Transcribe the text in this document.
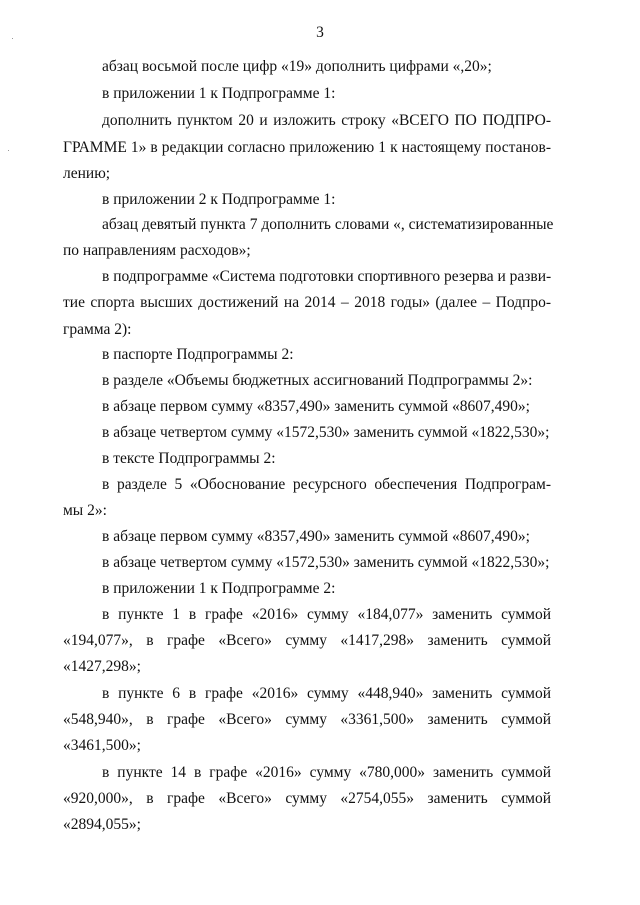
3
абзац восьмой после цифр «19» дополнить цифрами «,20»;
в приложении 1 к Подпрограмме 1:
дополнить пунктом 20 и изложить строку «ВСЕГО ПО ПОДПРО-
ГРАММЕ 1» в редакции согласно приложению 1 к настоящему постанов-
лению;
в приложении 2 к Подпрограмме 1:
абзац девятый пункта 7 дополнить словами «, систематизированные
по направлениям расходов»;
в подпрограмме «Система подготовки спортивного резерва и разви-
тие спорта высших достижений на 2014 – 2018 годы» (далее – Подпро-
грамма 2):
в паспорте Подпрограммы 2:
в разделе «Объемы бюджетных ассигнований Подпрограммы 2»:
в абзаце первом сумму «8357,490» заменить суммой «8607,490»;
в абзаце четвертом сумму «1572,530» заменить суммой «1822,530»;
в тексте Подпрограммы 2:
в разделе 5 «Обоснование ресурсного обеспечения Подпрограм-
мы 2»:
в абзаце первом сумму «8357,490» заменить суммой «8607,490»;
в абзаце четвертом сумму «1572,530» заменить суммой «1822,530»;
в приложении 1 к Подпрограмме 2:
в пункте 1 в графе «2016» сумму «184,077» заменить суммой
«194,077», в графе «Всего» сумму «1417,298» заменить суммой
«1427,298»;
в пункте 6 в графе «2016» сумму «448,940» заменить суммой
«548,940», в графе «Всего» сумму «3361,500» заменить суммой
«3461,500»;
в пункте 14 в графе «2016» сумму «780,000» заменить суммой
«920,000», в графе «Всего» сумму «2754,055» заменить суммой
«2894,055»;
